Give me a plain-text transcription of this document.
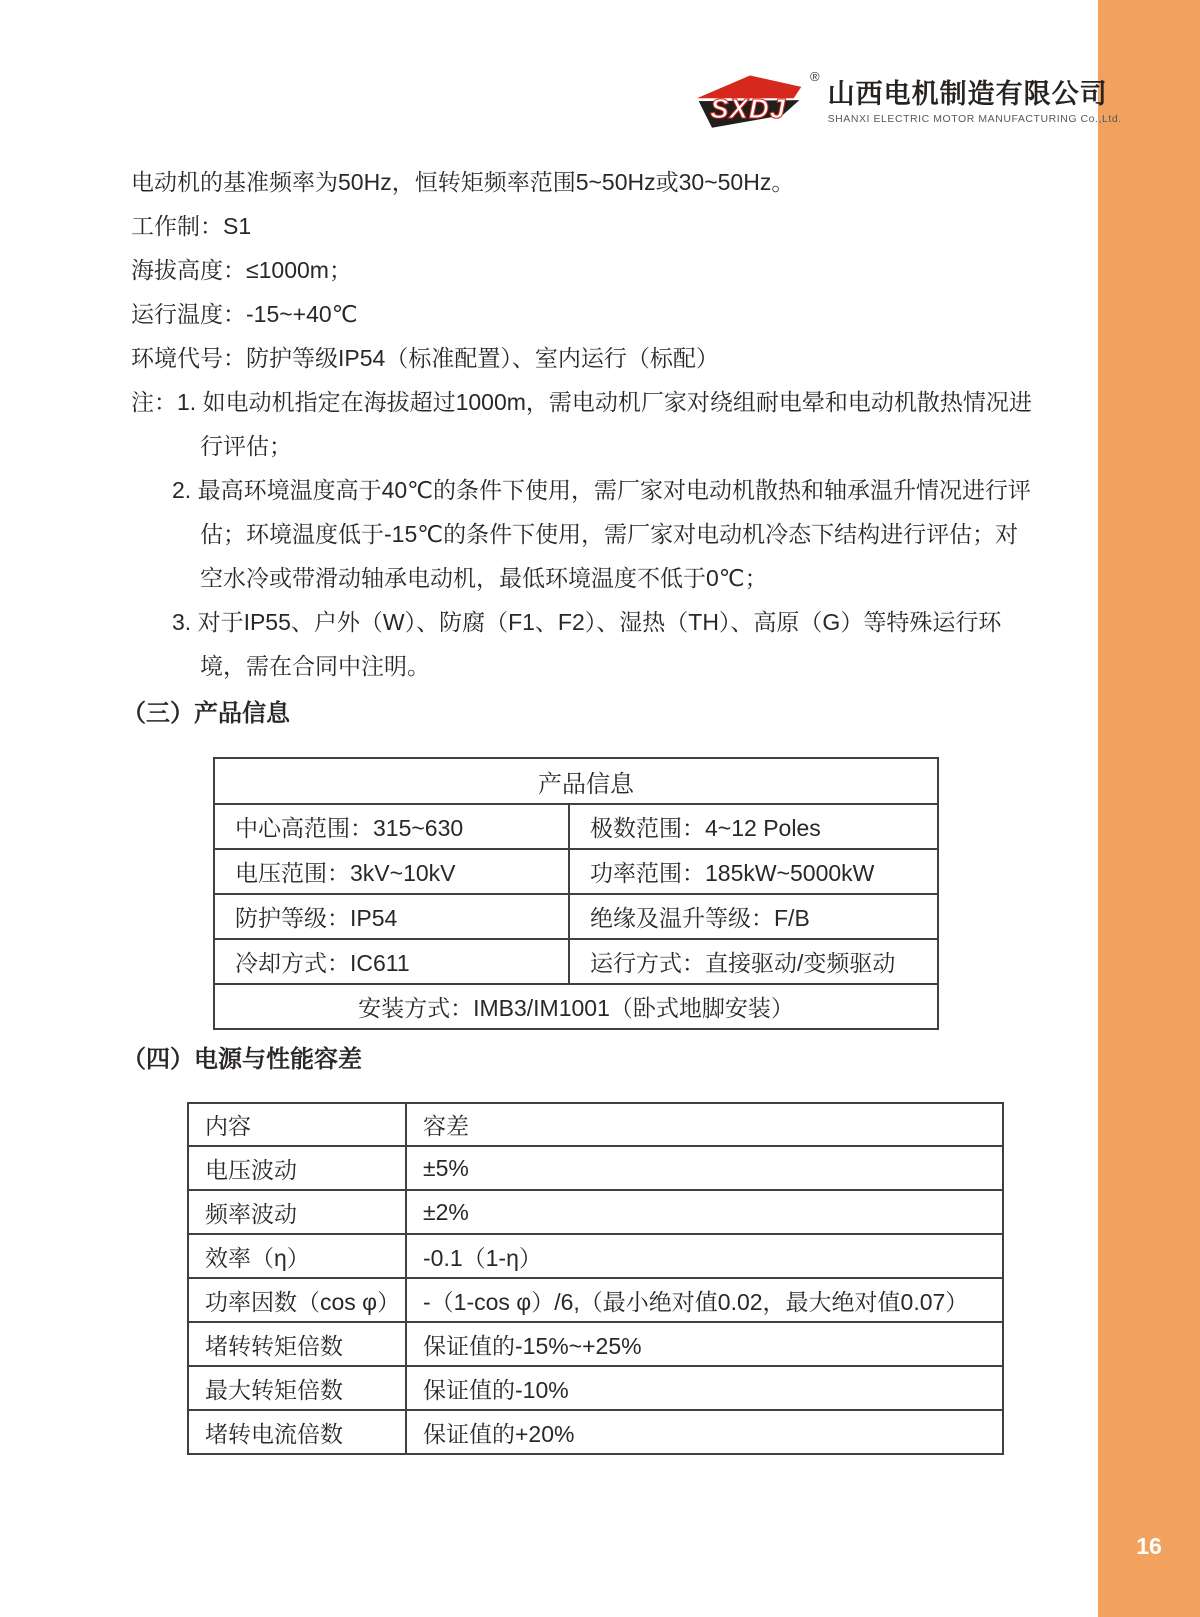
16
SXDJ
®
山西电机制造有限公司
SHANXI ELECTRIC MOTOR MANUFACTURING Co.,Ltd.
电动机的基准频率为50Hz，恒转矩频率范围5~50Hz或30~50Hz。
工作制：S1
海拔高度：≤1000m；
运行温度：-15~+40℃
环境代号：防护等级IP54（标准配置）、室内运行（标配）
注：1. 如电动机指定在海拔超过1000m，需电动机厂家对绕组耐电晕和电动机散热情况进
行评估；
2. 最高环境温度高于40℃的条件下使用，需厂家对电动机散热和轴承温升情况进行评
估；环境温度低于-15℃的条件下使用，需厂家对电动机冷态下结构进行评估；对
空水冷或带滑动轴承电动机，最低环境温度不低于0℃；
3. 对于IP55、户外（W）、防腐（F1、F2）、湿热（TH）、高原（G）等特殊运行环
境，需在合同中注明。
（三）产品信息
产品信息	
中心高范围：315~630	极数范围：4~12 Poles
电压范围：3kV~10kV	功率范围：185kW~5000kW
防护等级：IP54	绝缘及温升等级：F/B
冷却方式：IC611	运行方式：直接驱动/变频驱动
安装方式：IMB3/IM1001（卧式地脚安装）	
（四）电源与性能容差
内容	容差
电压波动	±5%
频率波动	±2%
效率（η）	-0.1（1-η）
功率因数（cos φ）	-（1-cos φ）/6,（最小绝对值0.02，最大绝对值0.07）
堵转转矩倍数	保证值的-15%~+25%
最大转矩倍数	保证值的-10%
堵转电流倍数	保证值的+20%
